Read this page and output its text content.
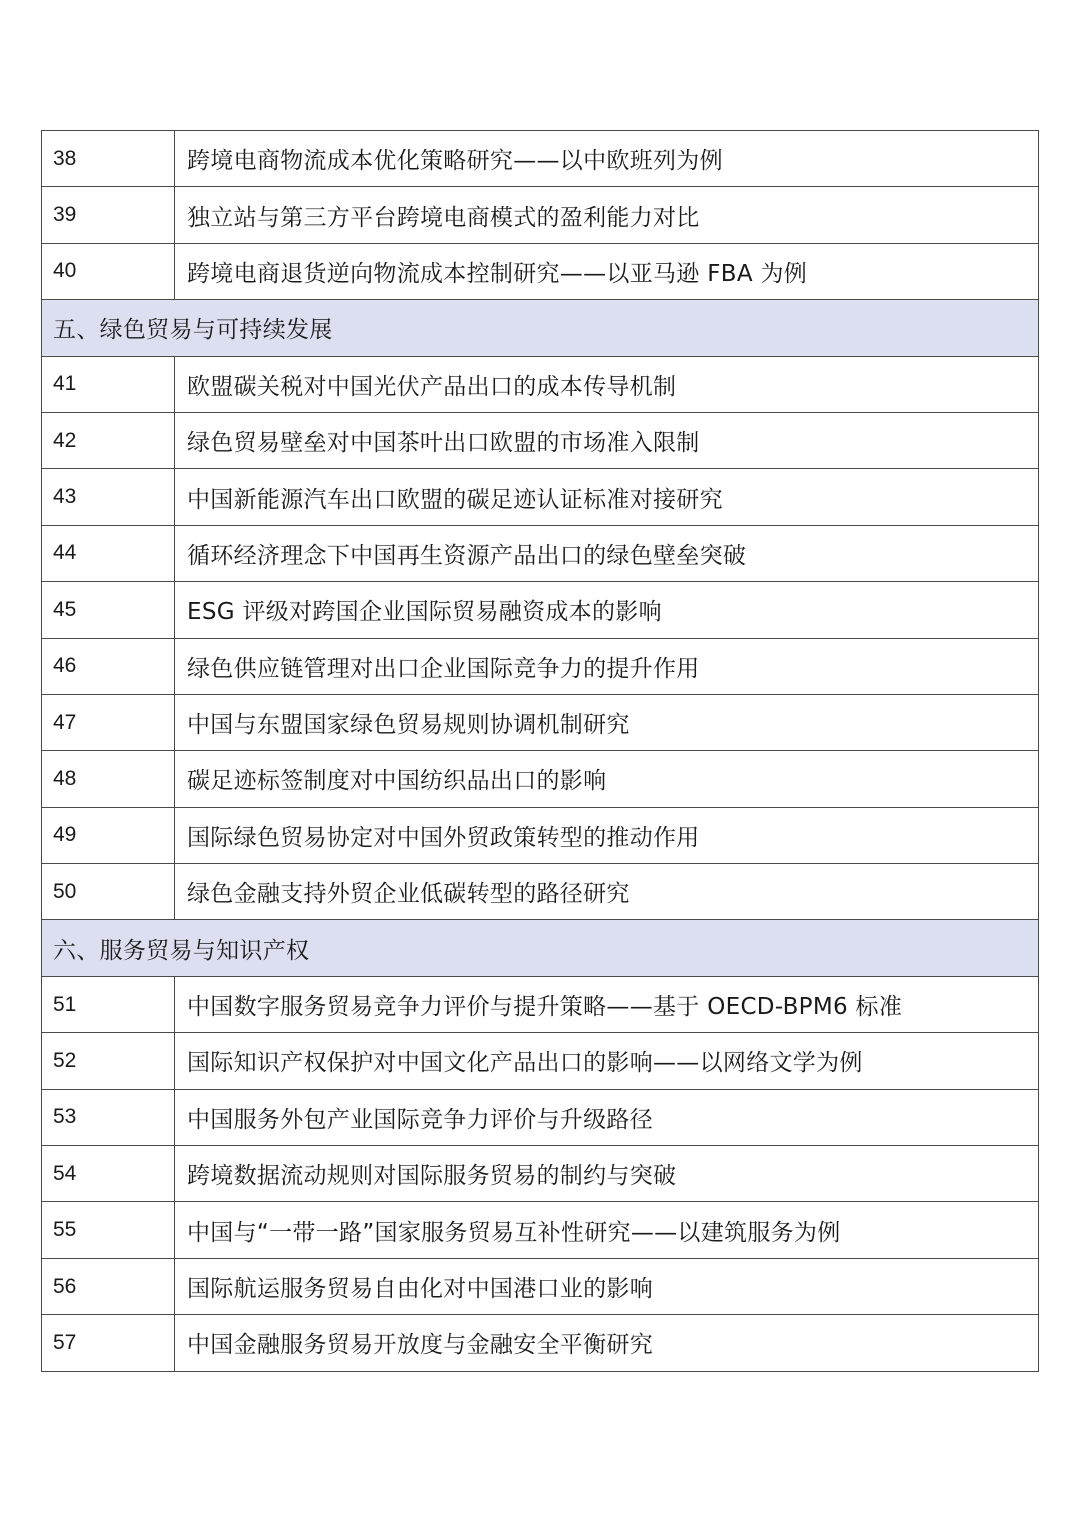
38	跨境电商物流成本优化策略研究——以中欧班列为例
39	独立站与第三方平台跨境电商模式的盈利能力对比
40	跨境电商退货逆向物流成本控制研究——以亚马逊 FBA 为例
五、绿色贸易与可持续发展	
41	欧盟碳关税对中国光伏产品出口的成本传导机制
42	绿色贸易壁垒对中国茶叶出口欧盟的市场准入限制
43	中国新能源汽车出口欧盟的碳足迹认证标准对接研究
44	循环经济理念下中国再生资源产品出口的绿色壁垒突破
45	ESG 评级对跨国企业国际贸易融资成本的影响
46	绿色供应链管理对出口企业国际竞争力的提升作用
47	中国与东盟国家绿色贸易规则协调机制研究
48	碳足迹标签制度对中国纺织品出口的影响
49	国际绿色贸易协定对中国外贸政策转型的推动作用
50	绿色金融支持外贸企业低碳转型的路径研究
六、服务贸易与知识产权	
51	中国数字服务贸易竞争力评价与提升策略——基于 OECD-BPM6 标准
52	国际知识产权保护对中国文化产品出口的影响——以网络文学为例
53	中国服务外包产业国际竞争力评价与升级路径
54	跨境数据流动规则对国际服务贸易的制约与突破
55	中国与“一带一路”国家服务贸易互补性研究——以建筑服务为例
56	国际航运服务贸易自由化对中国港口业的影响
57	中国金融服务贸易开放度与金融安全平衡研究
